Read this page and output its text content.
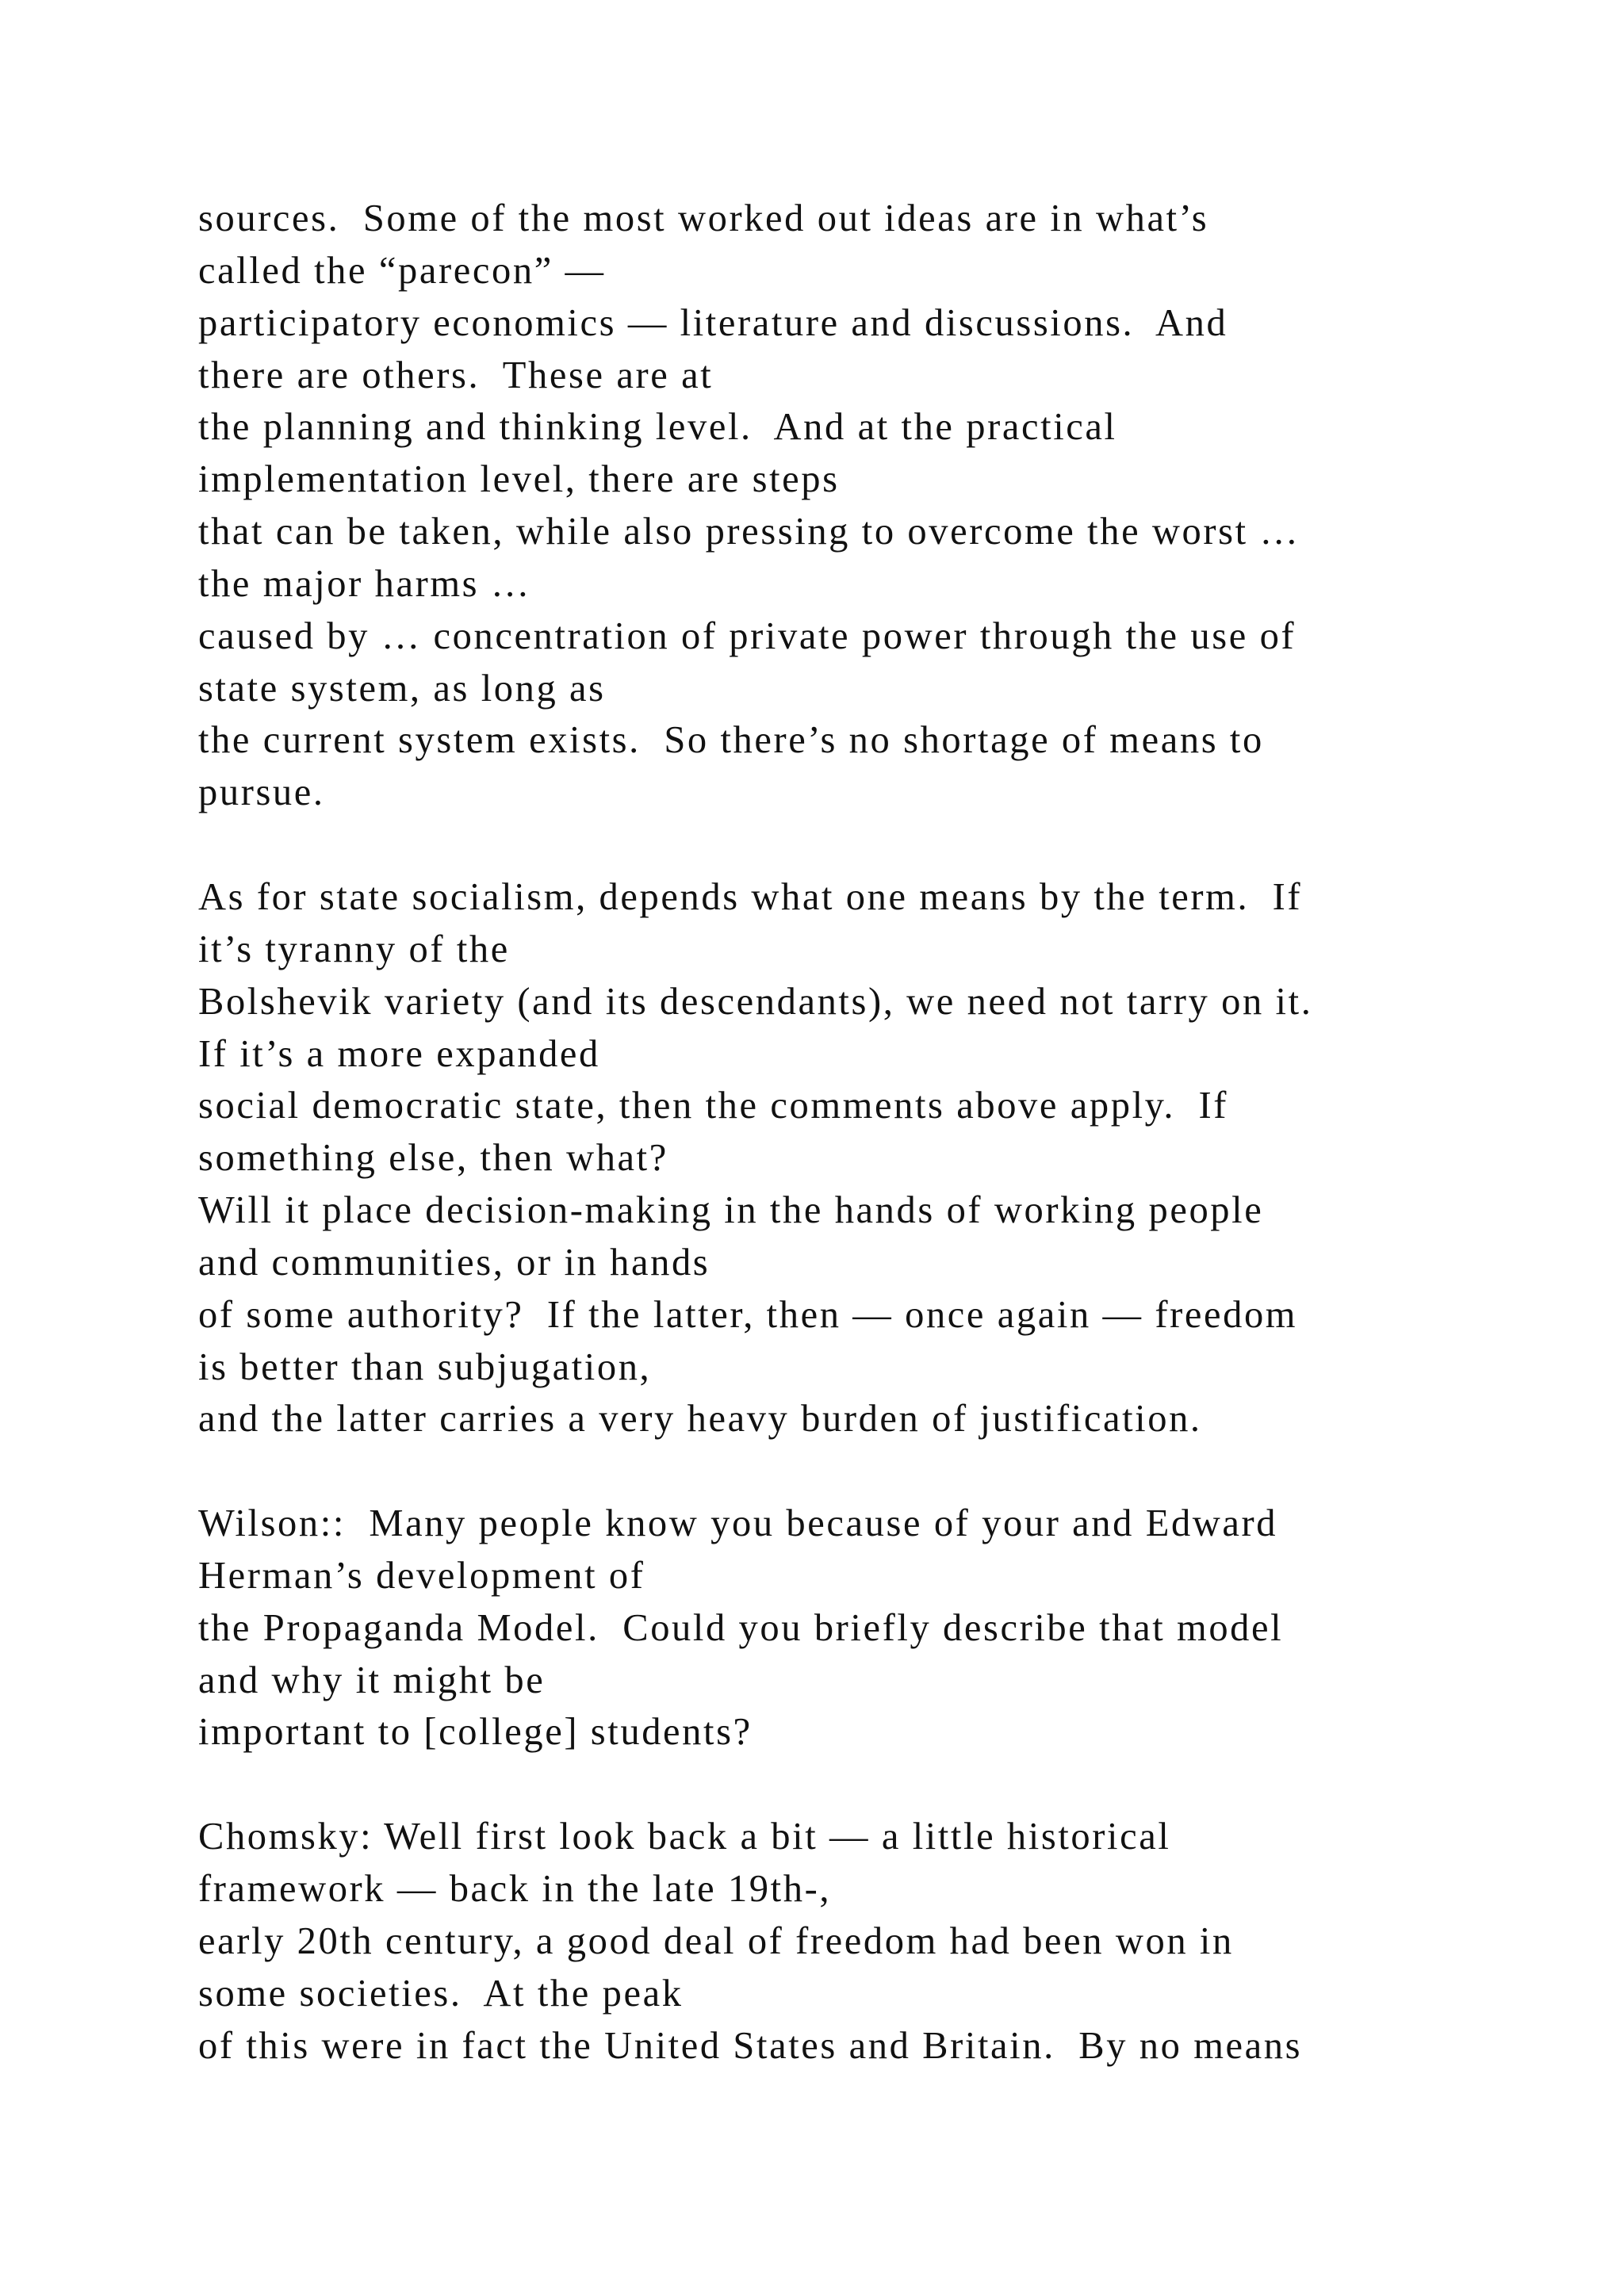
sources.  Some of the most worked out ideas are in what’s
called the “parecon” —
participatory economics — literature and discussions.  And
there are others.  These are at
the planning and thinking level.  And at the practical
implementation level, there are steps
that can be taken, while also pressing to overcome the worst …
the major harms …
caused by … concentration of private power through the use of
state system, as long as
the current system exists.  So there’s no shortage of means to
pursue.
As for state socialism, depends what one means by the term.  If
it’s tyranny of the
Bolshevik variety (and its descendants), we need not tarry on it.
If it’s a more expanded
social democratic state, then the comments above apply.  If
something else, then what?
Will it place decision-making in the hands of working people
and communities, or in hands
of some authority?  If the latter, then — once again — freedom
is better than subjugation,
and the latter carries a very heavy burden of justification.
Wilson::  Many people know you because of your and Edward
Herman’s development of
the Propaganda Model.  Could you briefly describe that model
and why it might be
important to [college] students?
Chomsky: Well first look back a bit — a little historical
framework — back in the late 19th-,
early 20th century, a good deal of freedom had been won in
some societies.  At the peak
of this were in fact the United States and Britain.  By no means
